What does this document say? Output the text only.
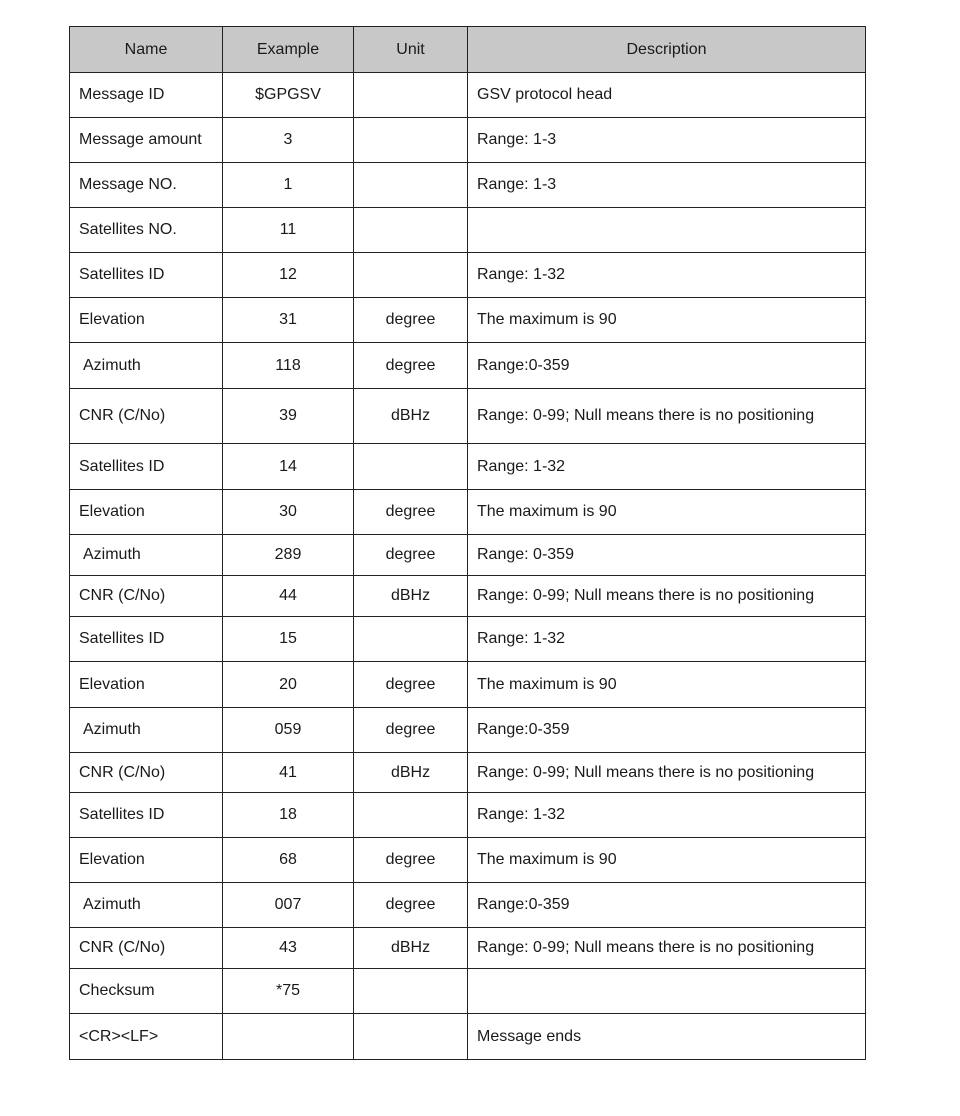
Name	Example	Unit	Description
Message ID	$GPGSV		GSV protocol head
Message amount	3		Range: 1-3
Message NO.	1		Range: 1-3
Satellites NO.	11		
Satellites ID	12		Range: 1-32
Elevation	31	degree	The maximum is 90
Azimuth	118	degree	Range:0-359
CNR (C/No)	39	dBHz	Range: 0-99; Null means there is no positioning
Satellites ID	14		Range: 1-32
Elevation	30	degree	The maximum is 90
Azimuth	289	degree	Range: 0-359
CNR (C/No)	44	dBHz	Range: 0-99; Null means there is no positioning
Satellites ID	15		Range: 1-32
Elevation	20	degree	The maximum is 90
Azimuth	059	degree	Range:0-359
CNR (C/No)	41	dBHz	Range: 0-99; Null means there is no positioning
Satellites ID	18		Range: 1-32
Elevation	68	degree	The maximum is 90
Azimuth	007	degree	Range:0-359
CNR (C/No)	43	dBHz	Range: 0-99; Null means there is no positioning
Checksum	*75		
<CR><LF>			Message ends
